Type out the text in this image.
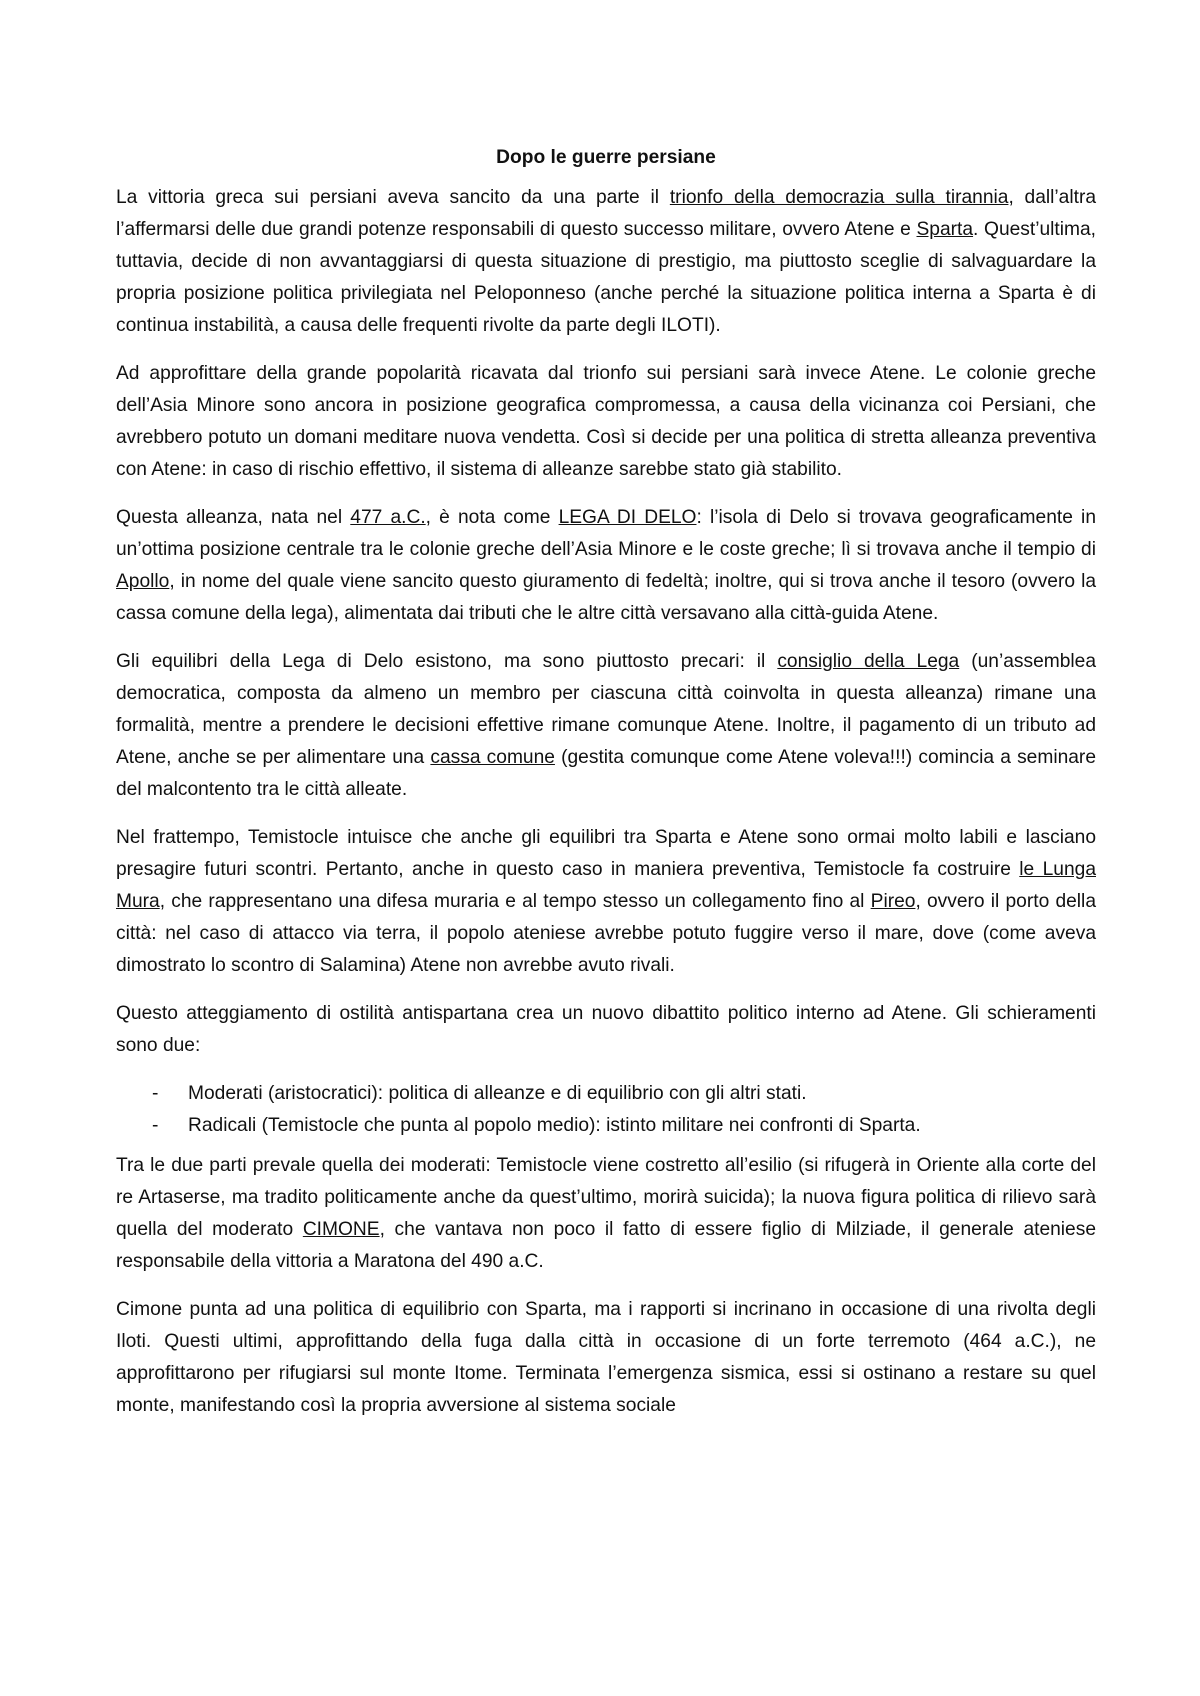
Dopo le guerre persiane

La vittoria greca sui persiani aveva sancito da una parte il trionfo della democrazia sulla tirannia, dall’altra l’affermarsi delle due grandi potenze responsabili di questo successo militare, ovvero Atene e Sparta. Quest’ultima, tuttavia, decide di non avvantaggiarsi di questa situazione di prestigio, ma piuttosto sceglie di salvaguardare la propria posizione politica privilegiata nel Peloponneso (anche perché la situazione politica interna a Sparta è di continua instabilità, a causa delle frequenti rivolte da parte degli ILOTI).

Ad approfittare della grande popolarità ricavata dal trionfo sui persiani sarà invece Atene. Le colonie greche dell’Asia Minore sono ancora in posizione geografica compromessa, a causa della vicinanza coi Persiani, che avrebbero potuto un domani meditare nuova vendetta. Così si decide per una politica di stretta alleanza preventiva con Atene: in caso di rischio effettivo, il sistema di alleanze sarebbe stato già stabilito.

Questa alleanza, nata nel 477 a.C., è nota come LEGA DI DELO: l’isola di Delo si trovava geograficamente in un’ottima posizione centrale tra le colonie greche dell’Asia Minore e le coste greche; lì si trovava anche il tempio di Apollo, in nome del quale viene sancito questo giuramento di fedeltà; inoltre, qui si trova anche il tesoro (ovvero la cassa comune della lega), alimentata dai tributi che le altre città versavano alla città-guida Atene.

Gli equilibri della Lega di Delo esistono, ma sono piuttosto precari: il consiglio della Lega (un’assemblea democratica, composta da almeno un membro per ciascuna città coinvolta in questa alleanza) rimane una formalità, mentre a prendere le decisioni effettive rimane comunque Atene. Inoltre, il pagamento di un tributo ad Atene, anche se per alimentare una cassa comune (gestita comunque come Atene voleva!!!) comincia a seminare del malcontento tra le città alleate.

Nel frattempo, Temistocle intuisce che anche gli equilibri tra Sparta e Atene sono ormai molto labili e lasciano presagire futuri scontri. Pertanto, anche in questo caso in maniera preventiva, Temistocle fa costruire le Lunga Mura, che rappresentano una difesa muraria e al tempo stesso un collegamento fino al Pireo, ovvero il porto della città: nel caso di attacco via terra, il popolo ateniese avrebbe potuto fuggire verso il mare, dove (come aveva dimostrato lo scontro di Salamina) Atene non avrebbe avuto rivali.

Questo atteggiamento di ostilità antispartana crea un nuovo dibattito politico interno ad Atene. Gli schieramenti sono due:

- Moderati (aristocratici): politica di alleanze e di equilibrio con gli altri stati.
- Radicali (Temistocle che punta al popolo medio): istinto militare nei confronti di Sparta.

Tra le due parti prevale quella dei moderati: Temistocle viene costretto all’esilio (si rifugerà in Oriente alla corte del re Artaserse, ma tradito politicamente anche da quest’ultimo, morirà suicida); la nuova figura politica di rilievo sarà quella del moderato CIMONE, che vantava non poco il fatto di essere figlio di Milziade, il generale ateniese responsabile della vittoria a Maratona del 490 a.C.

Cimone punta ad una politica di equilibrio con Sparta, ma i rapporti si incrinano in occasione di una rivolta degli Iloti. Questi ultimi, approfittando della fuga dalla città in occasione di un forte terremoto (464 a.C.), ne approfittarono per rifugiarsi sul monte Itome. Terminata l’emergenza sismica, essi si ostinano a restare su quel monte, manifestando così la propria avversione al sistema sociale
